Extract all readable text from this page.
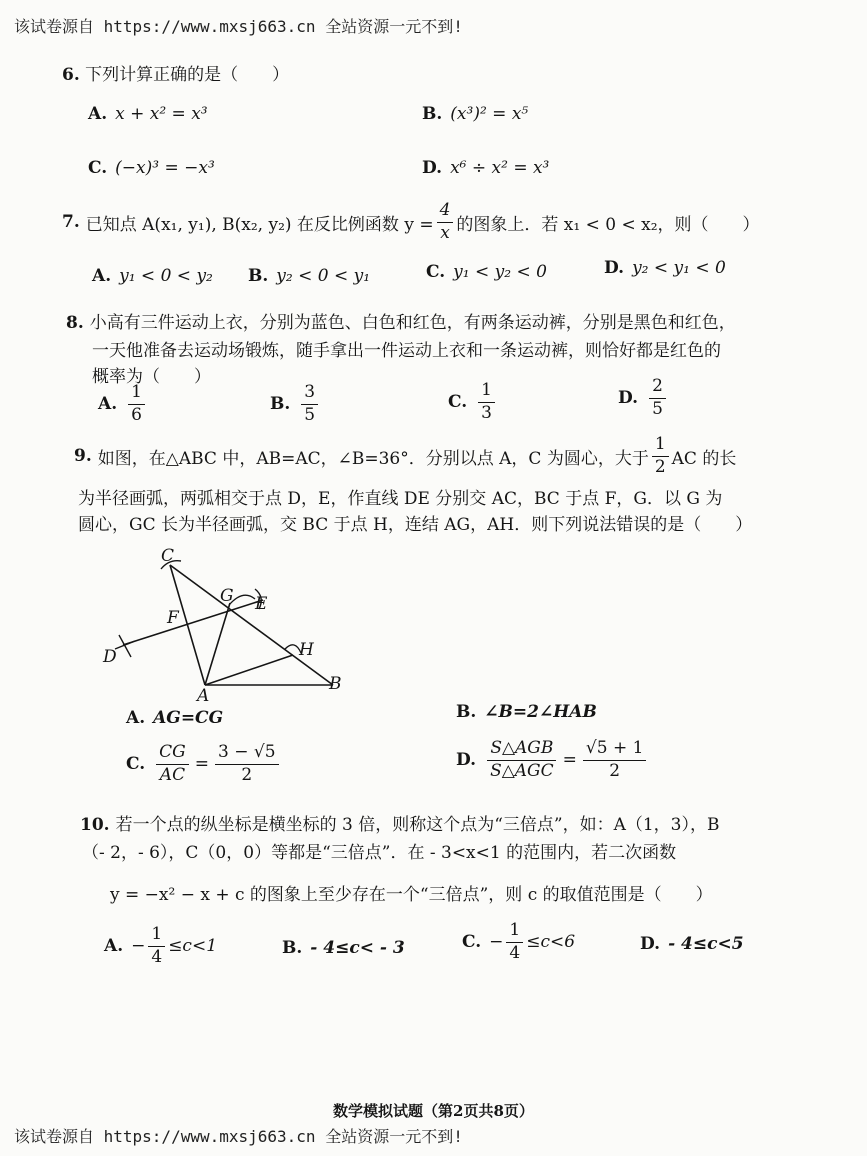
该试卷源自 https://www.mxsj663.cn 全站资源一元不到!
6. 下列计算正确的是（　　）
A. x + x² = x³	B. (x³)² = x⁵
C. (−x)³ = −x³	D. x⁶ ÷ x² = x³
7. 已知点 A(x₁, y₁), B(x₂, y₂) 在反比例函数 $y = \frac{4}{x}$ 的图象上．若 x₁ < 0 < x₂，则（　　）
A. y₁ < 0 < y₂ B. y₂ < 0 < y₁	C. y₁ < y₂ < 0	D. y₂ < y₁ < 0
8. 小高有三件运动上衣，分别为蓝色、白色和红色，有两条运动裤，分别是黑色和红色，
一天他准备去运动场锻炼，随手拿出一件运动上衣和一条运动裤，则恰好都是红色的
概率为（　　）
A. $\frac{1}{6}$	B. $\frac{3}{5}$	C. $\frac{1}{3}$	D. $\frac{2}{5}$
9. 如图，在△ABC 中，AB=AC，∠B=36°．分别以点 A，C 为圆心，大于 $\frac{1}{2}$ AC 的长
为半径画弧，两弧相交于点 D，E，作直线 DE 分别交 AC，BC 于点 F，G．以 G 为
圆心，GC 长为半径画弧，交 BC 于点 H，连结 AG，AH．则下列说法错误的是（　　）
C
G E
F
D	H
A
B
A. AG=CG	B. ∠B=2∠HAB
C. $\frac{CG}{AC} = \frac{3 - √5}{2}$	D. $\frac{\text{S△AGB}}{\text{S△AGC}} = \frac{√5 + 1}{2}$
10. 若一个点的纵坐标是横坐标的 3 倍，则称这个点为“三倍点”，如：A（1，3），B
（- 2，- 6），C（0，0）等都是“三倍点”．在 - 3<x<1 的范围内，若二次函数
y = −x² − x + c 的图象上至少存在一个“三倍点”，则 c 的取值范围是（　　）
A. − $\frac{1}{4} \le c<1$	B. - 4≤c< - 3	C. − $\frac{1}{4} \le c<6$	D. - 4≤c<5
数学模拟试题（第2页共8页）
该试卷源自 https://www.mxsj663.cn 全站资源一元不到!
